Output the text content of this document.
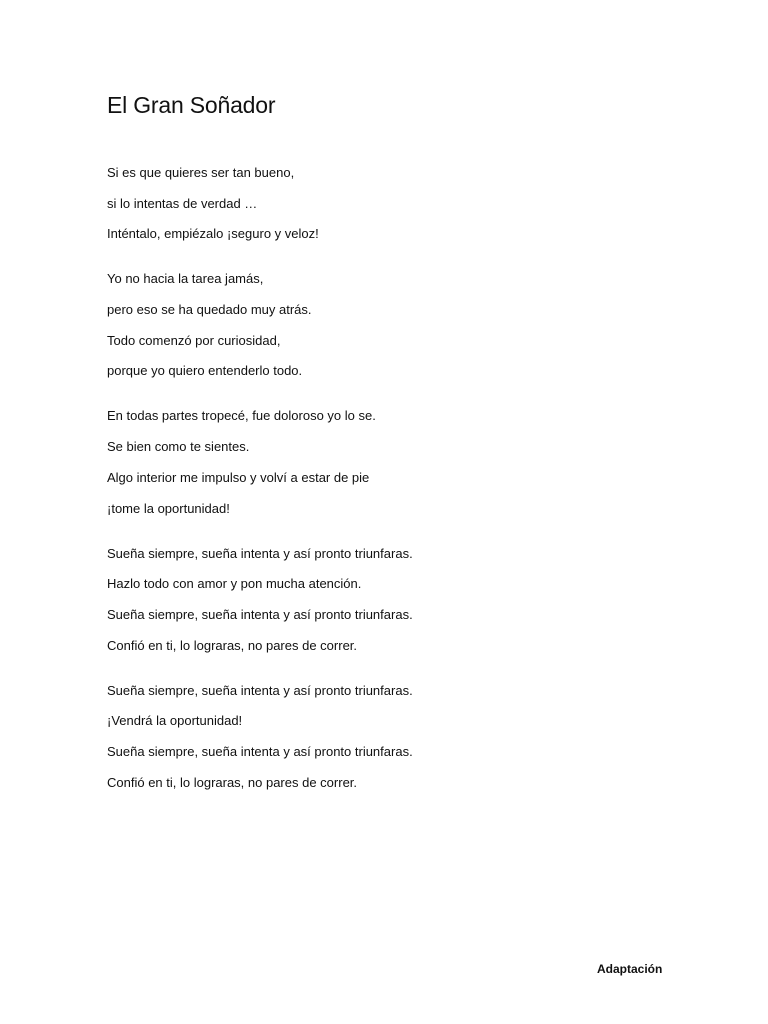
El Gran Soñador
Si es que quieres ser tan bueno,
si lo intentas de verdad …
Inténtalo, empiézalo ¡seguro y veloz!
Yo no hacia la tarea jamás,
pero eso se ha quedado muy atrás.
Todo comenzó por curiosidad,
porque yo quiero entenderlo todo.
En todas partes tropecé, fue doloroso yo lo se.
Se bien como te sientes.
Algo interior me impulso y volví a estar de pie
¡tome la oportunidad!
Sueña siempre, sueña intenta y así pronto triunfaras.
Hazlo todo con amor y pon mucha atención.
Sueña siempre, sueña intenta y así pronto triunfaras.
Confió en ti, lo lograras, no pares de correr.
Sueña siempre, sueña intenta y así pronto triunfaras.
¡Vendrá la oportunidad!
Sueña siempre, sueña intenta y así pronto triunfaras.
Confió en ti, lo lograras, no pares de correr.
Adaptación
